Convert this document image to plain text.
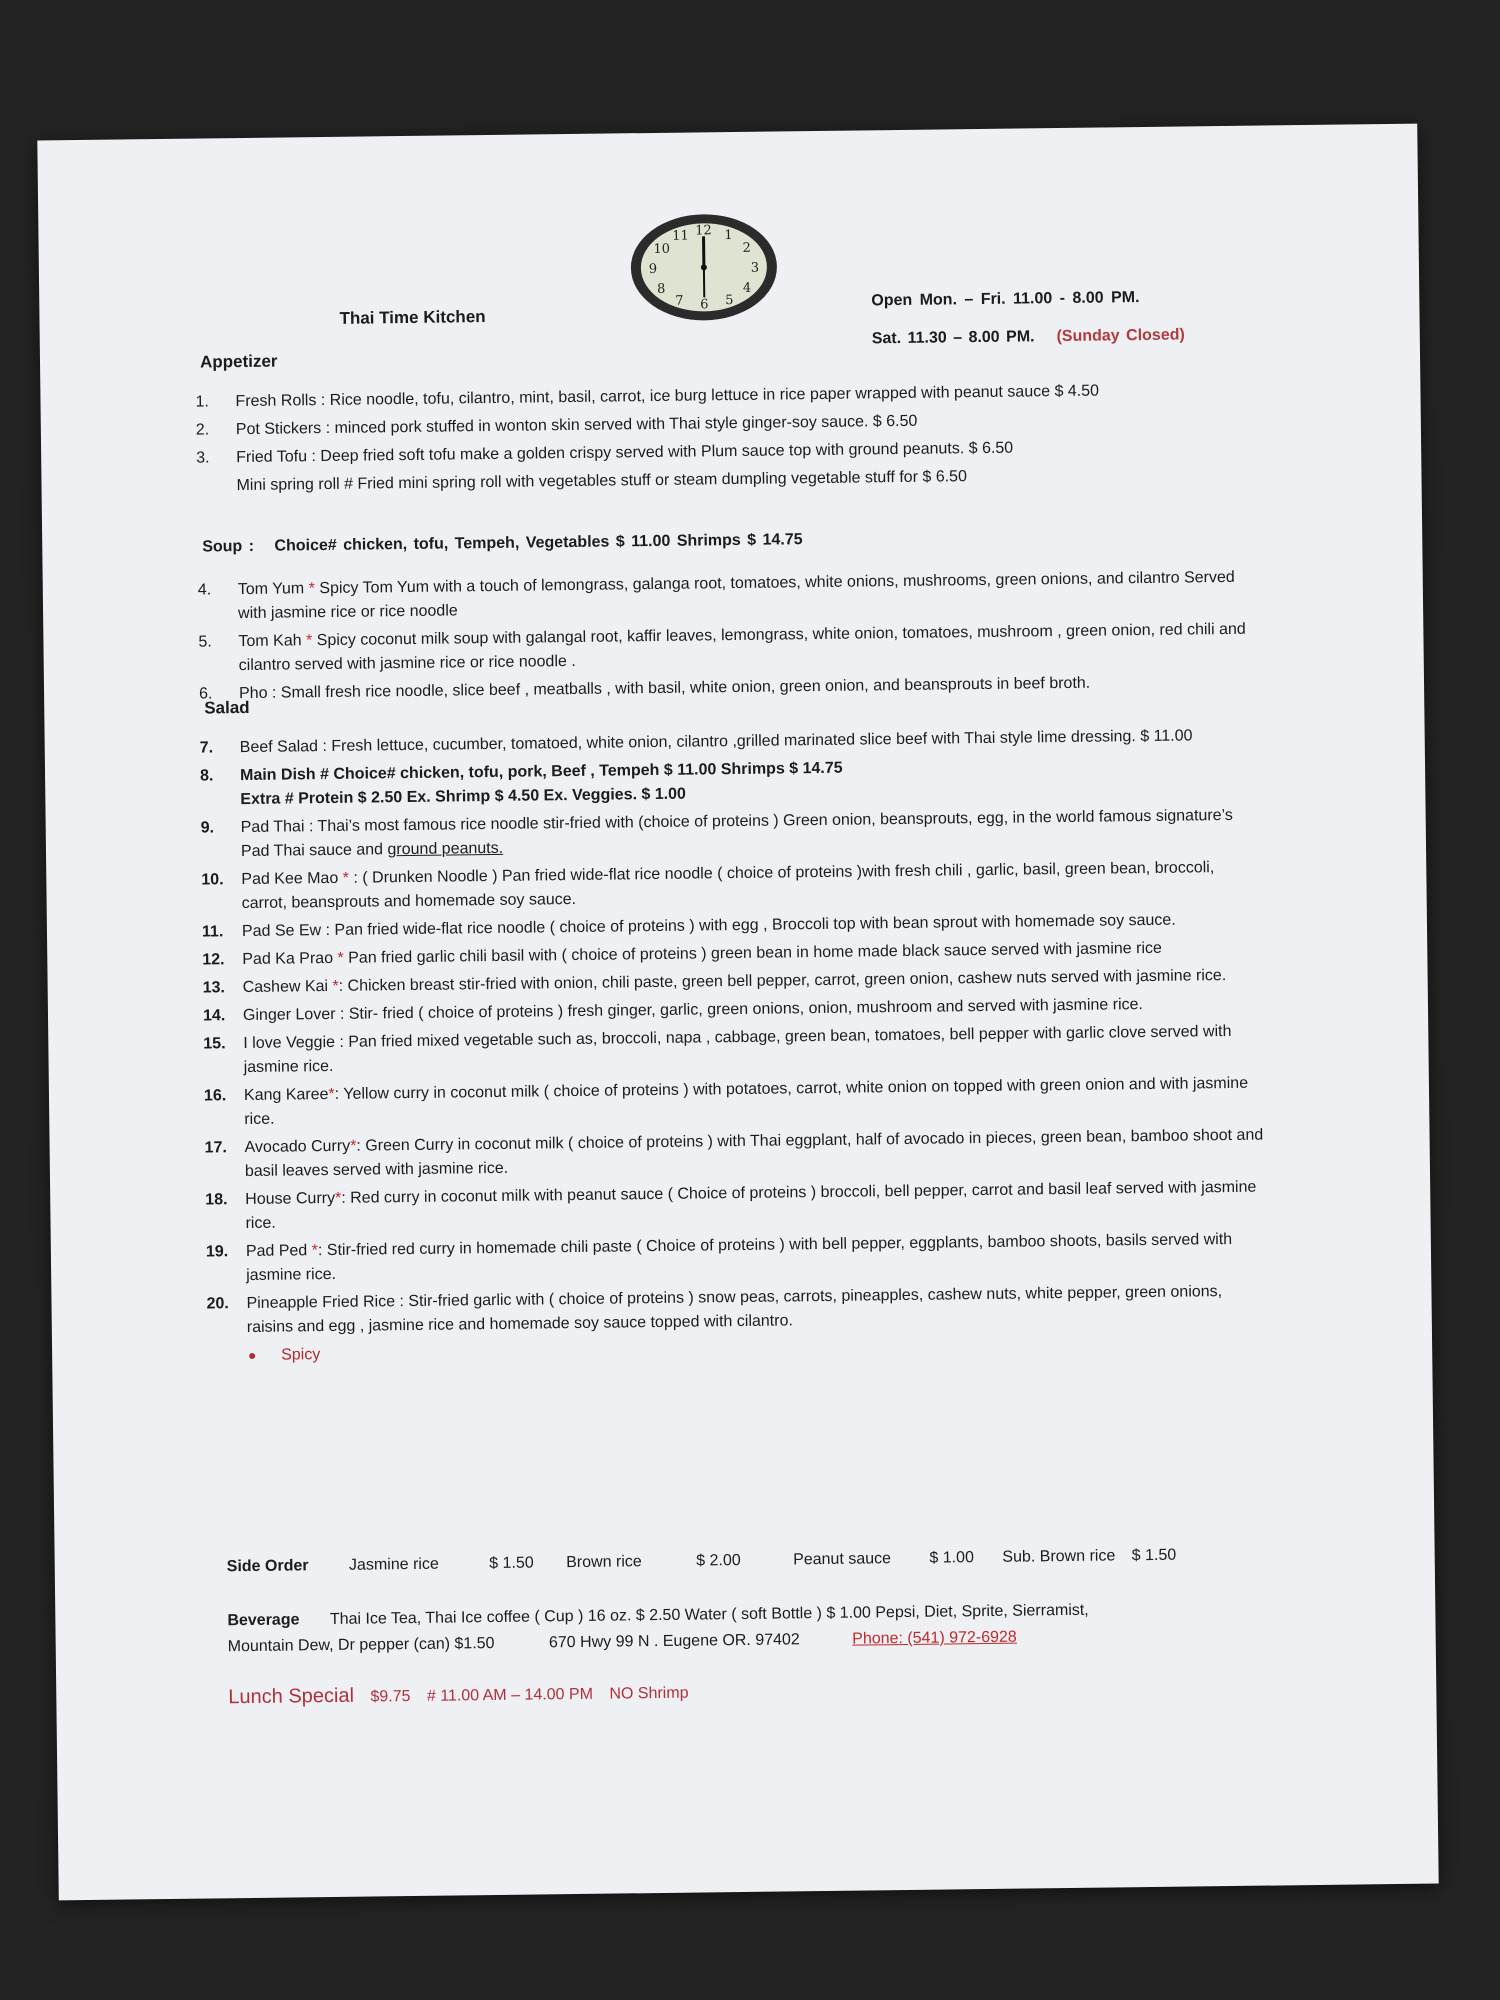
12 1
2
3
4
5
6
7
8
9
10
11
Thai Time Kitchen
Open Mon. – Fri. 11.00 - 8.00 PM.
Sat. 11.30 – 8.00 PM. (Sunday Closed)
Appetizer
1.	Fresh Rolls : Rice noodle, tofu, cilantro, mint, basil, carrot, ice burg lettuce in rice paper wrapped with peanut sauce $ 4.50
2.	Pot Stickers : minced pork stuffed in wonton skin served with Thai style ginger-soy sauce. $ 6.50
3.	Fried Tofu : Deep fried soft tofu make a golden crispy served with Plum sauce top with ground peanuts. $ 6.50
Mini spring roll # Fried mini spring roll with vegetables stuff or steam dumpling vegetable stuff for $ 6.50
Soup : Choice# chicken, tofu, Tempeh, Vegetables $ 11.00 Shrimps $ 14.75
4.	Tom Yum * Spicy Tom Yum with a touch of lemongrass, galanga root, tomatoes, white onions, mushrooms, green onions, and cilantro Served with jasmine rice or rice noodle
5.	Tom Kah * Spicy coconut milk soup with galangal root, kaffir leaves, lemongrass, white onion, tomatoes, mushroom , green onion, red chili and cilantro served with jasmine rice or rice noodle .
6.	Pho : Small fresh rice noodle, slice beef , meatballs , with basil, white onion, green onion, and beansprouts in beef broth.
Salad
7.	Beef Salad : Fresh lettuce, cucumber, tomatoed, white onion, cilantro ,grilled marinated slice beef with Thai style lime dressing. $ 11.00
8.	Main Dish # Choice# chicken, tofu, pork, Beef , Tempeh $ 11.00 Shrimps $ 14.75
Extra # Protein $ 2.50 Ex. Shrimp $ 4.50 Ex. Veggies. $ 1.00
9.	Pad Thai : Thai’s most famous rice noodle stir-fried with (choice of proteins ) Green onion, beansprouts, egg, in the world famous signature’s Pad Thai sauce and ground peanuts.
10.	Pad Kee Mao * : ( Drunken Noodle ) Pan fried wide-flat rice noodle ( choice of proteins )with fresh chili , garlic, basil, green bean, broccoli, carrot, beansprouts and homemade soy sauce.
11.	Pad Se Ew : Pan fried wide-flat rice noodle ( choice of proteins ) with egg , Broccoli top with bean sprout with homemade soy sauce.
12.	Pad Ka Prao * Pan fried garlic chili basil with ( choice of proteins ) green bean in home made black sauce served with jasmine rice
13.	Cashew Kai *: Chicken breast stir-fried with onion, chili paste, green bell pepper, carrot, green onion, cashew nuts served with jasmine rice.
14.	Ginger Lover : Stir- fried ( choice of proteins ) fresh ginger, garlic, green onions, onion, mushroom and served with jasmine rice.
15.	I love Veggie : Pan fried mixed vegetable such as, broccoli, napa , cabbage, green bean, tomatoes, bell pepper with garlic clove served with jasmine rice.
16.	Kang Karee*: Yellow curry in coconut milk ( choice of proteins ) with potatoes, carrot, white onion on topped with green onion and with jasmine rice.
17.	Avocado Curry*: Green Curry in coconut milk ( choice of proteins ) with Thai eggplant, half of avocado in pieces, green bean, bamboo shoot and basil leaves served with jasmine rice.
18.	House Curry*: Red curry in coconut milk with peanut sauce ( Choice of proteins ) broccoli, bell pepper, carrot and basil leaf served with jasmine rice.
19.	Pad Ped *: Stir-fried red curry in homemade chili paste ( Choice of proteins ) with bell pepper, eggplants, bamboo shoots, basils served with jasmine rice.
20.	Pineapple Fried Rice : Stir-fried garlic with ( choice of proteins ) snow peas, carrots, pineapples, cashew nuts, white pepper, green onions, raisins and egg , jasmine rice and homemade soy sauce topped with cilantro.
Spicy
Side Order	Jasmine rice	$ 1.50 Brown rice	$ 2.00	Peanut sauce $ 1.00 Sub. Brown rice $ 1.50
Beverage Thai Ice Tea, Thai Ice coffee ( Cup ) 16 oz. $ 2.50 Water ( soft Bottle ) $ 1.00 Pepsi, Diet, Sprite, Sierramist,
Mountain Dew, Dr pepper (can) $1.50	670 Hwy 99 N . Eugene OR. 97402	Phone: (541) 972-6928
Lunch Special $9.75 # 11.00 AM – 14.00 PM NO Shrimp
